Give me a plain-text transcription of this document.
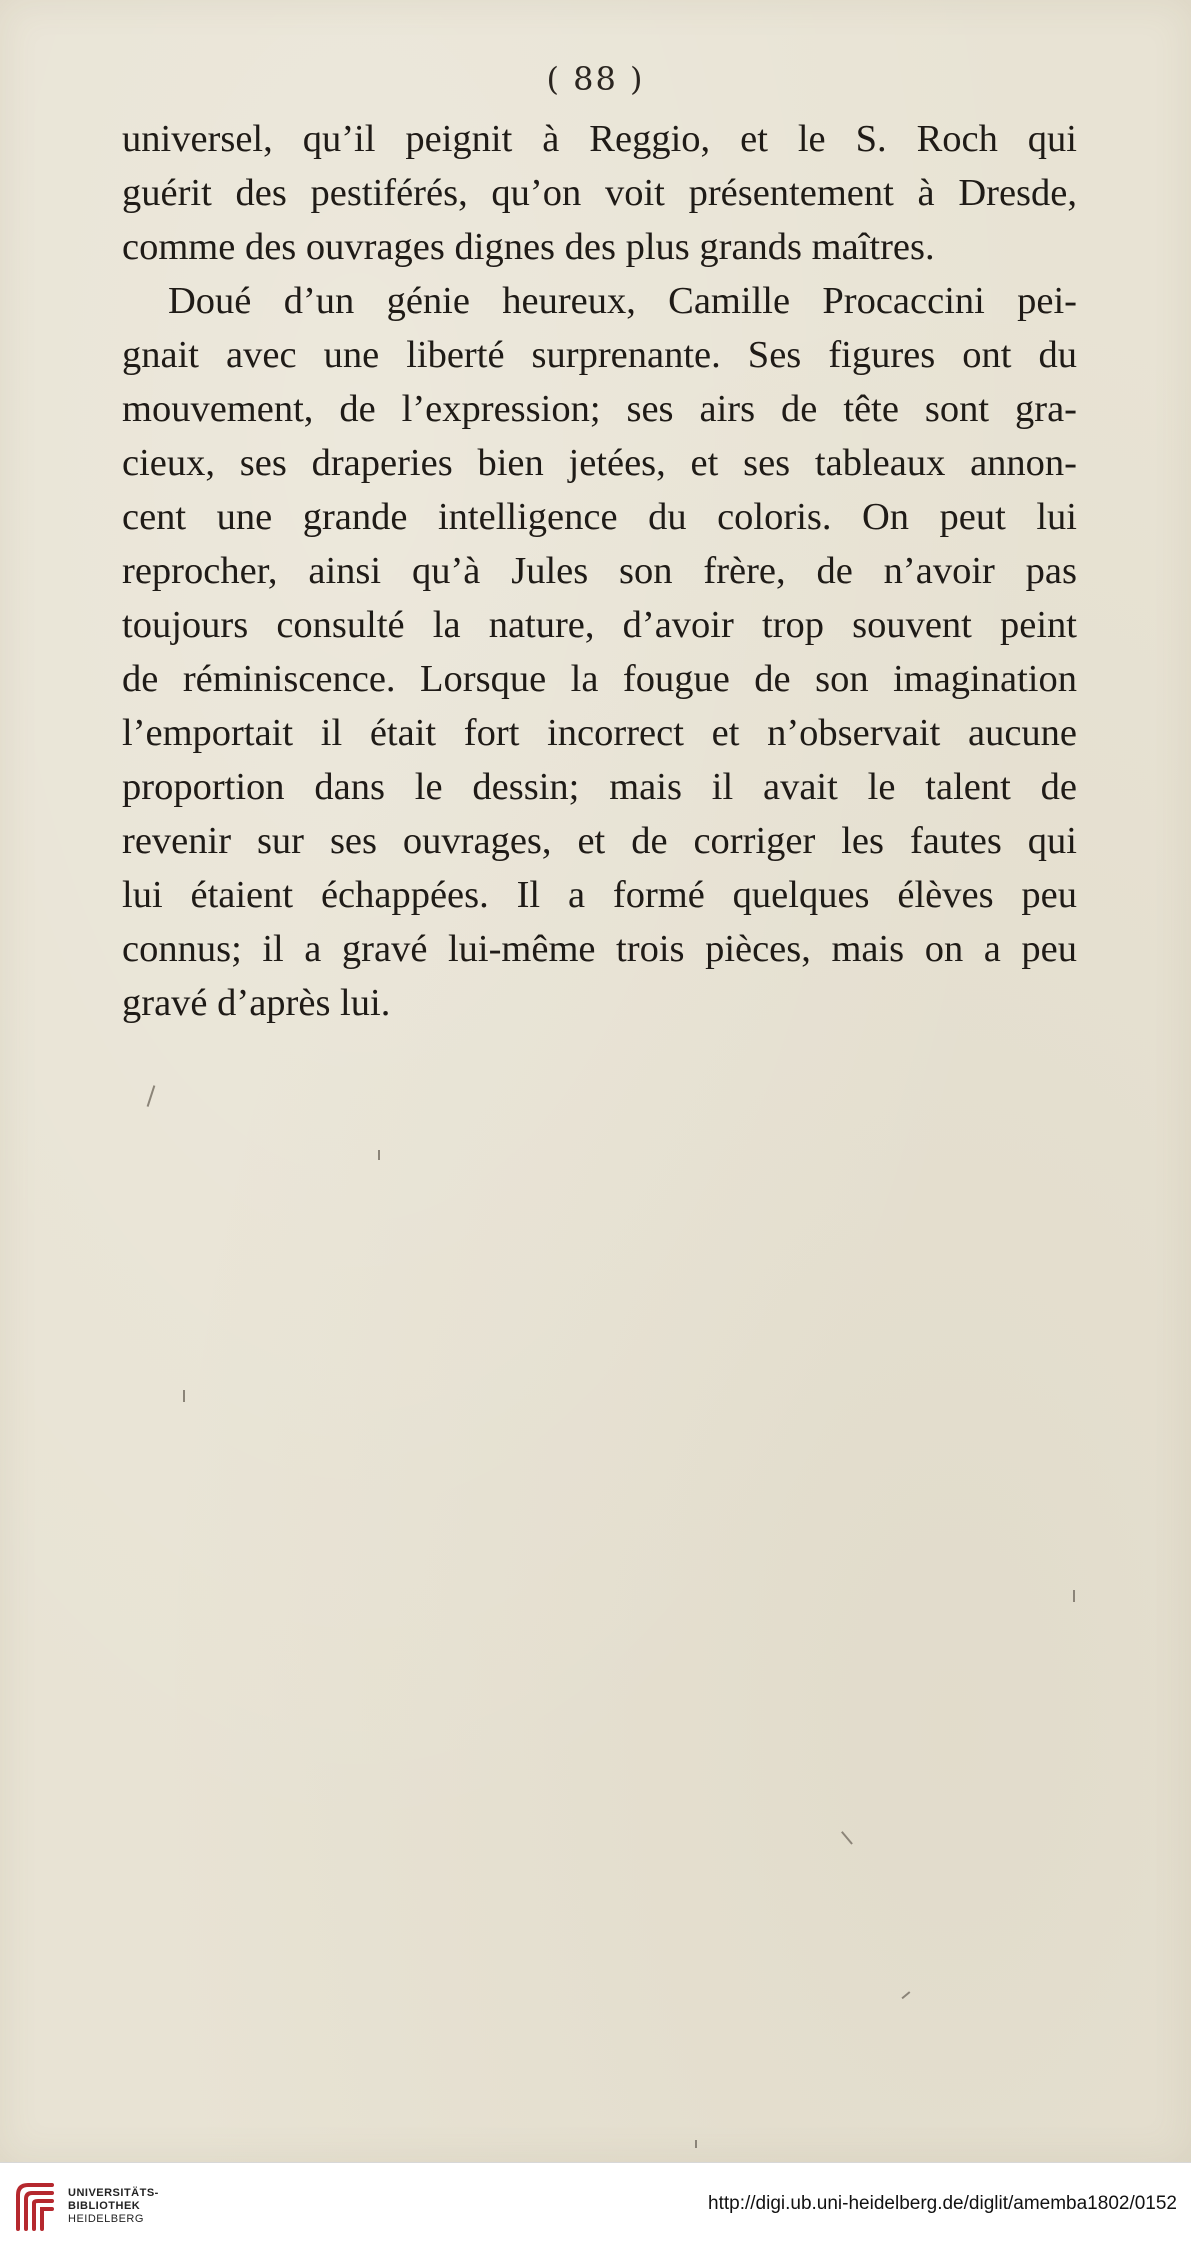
( 88 )
universel, qu’il peignit à Reggio, et le S. Roch qui
guérit des pestiférés, qu’on voit présentement à Dresde,
comme des ouvrages dignes des plus grands maîtres.
Doué d’un génie heureux, Camille Procaccini pei-
gnait avec une liberté surprenante. Ses figures ont du
mouvement, de l’expression; ses airs de tête sont gra-
cieux, ses draperies bien jetées, et ses tableaux annon-
cent une grande intelligence du coloris. On peut lui
reprocher, ainsi qu’à Jules son frère, de n’avoir pas
toujours consulté la nature, d’avoir trop souvent peint
de réminiscence. Lorsque la fougue de son imagination
l’emportait il était fort incorrect et n’observait aucune
proportion dans le dessin; mais il avait le talent de
revenir sur ses ouvrages, et de corriger les fautes qui
lui étaient échappées. Il a formé quelques élèves peu
connus; il a gravé lui-même trois pièces, mais on a peu
gravé d’après lui.
UNIVERSITÄTS-
BIBLIOTHEK
HEIDELBERG
http://digi.ub.uni-heidelberg.de/diglit/amemba1802/0152
